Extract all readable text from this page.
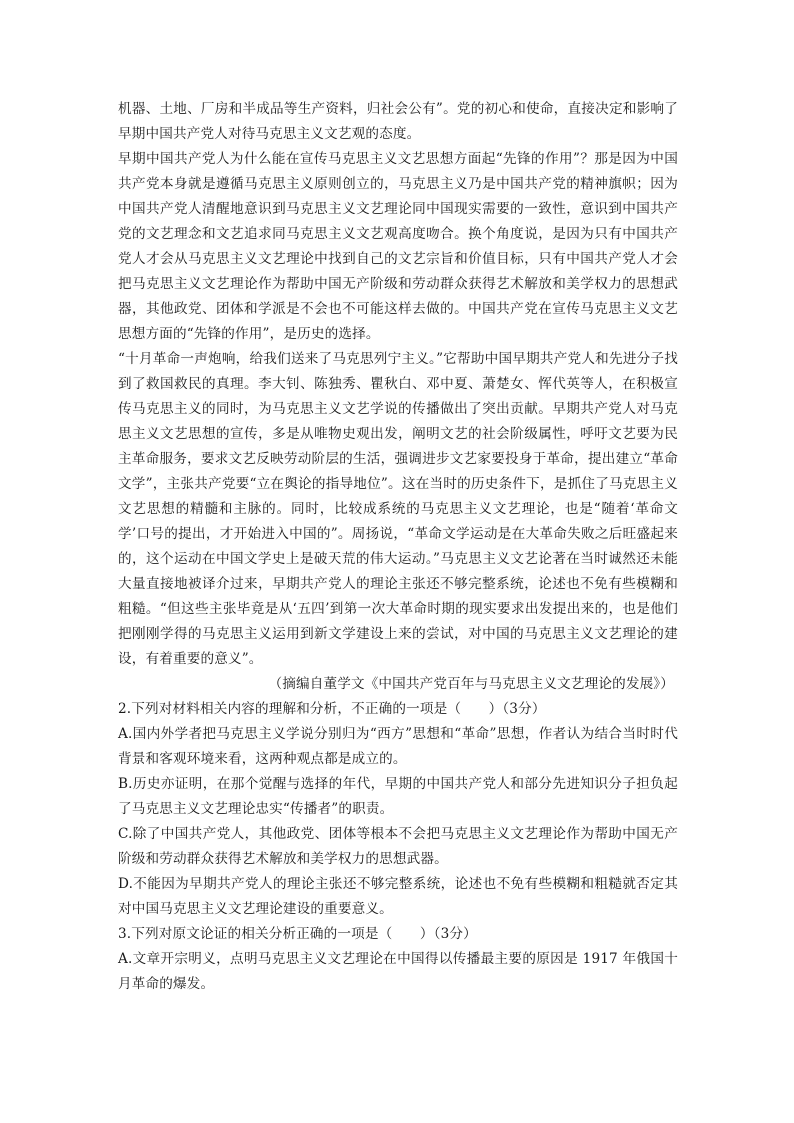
机器、土地、厂房和半成品等生产资料，归社会公有”。党的初心和使命，直接决定和影响了早期中国共产党人对待马克思主义文艺观的态度。

早期中国共产党人为什么能在宣传马克思主义文艺思想方面起“先锋的作用”？那是因为中国共产党本身就是遵循马克思主义原则创立的，马克思主义乃是中国共产党的精神旗帜；因为中国共产党人清醒地意识到马克思主义文艺理论同中国现实需要的一致性，意识到中国共产党的文艺理念和文艺追求同马克思主义文艺观高度吻合。换个角度说，是因为只有中国共产党人才会从马克思主义文艺理论中找到自己的文艺宗旨和价值目标，只有中国共产党人才会把马克思主义文艺理论作为帮助中国无产阶级和劳动群众获得艺术解放和美学权力的思想武器，其他政党、团体和学派是不会也不可能这样去做的。中国共产党在宣传马克思主义文艺思想方面的“先锋的作用”，是历史的选择。

“十月革命一声炮响，给我们送来了马克思列宁主义。”它帮助中国早期共产党人和先进分子找到了救国救民的真理。李大钊、陈独秀、瞿秋白、邓中夏、萧楚女、恽代英等人，在积极宣传马克思主义的同时，为马克思主义文艺学说的传播做出了突出贡献。早期共产党人对马克思主义文艺思想的宣传，多是从唯物史观出发，阐明文艺的社会阶级属性，呼吁文艺要为民主革命服务，要求文艺反映劳动阶层的生活，强调进步文艺家要投身于革命，提出建立“革命文学”，主张共产党要“立在舆论的指导地位”。这在当时的历史条件下，是抓住了马克思主义文艺思想的精髓和主脉的。同时，比较成系统的马克思主义文艺理论，也是“随着‘革命文学’口号的提出，才开始进入中国的”。周扬说，“革命文学运动是在大革命失败之后旺盛起来的，这个运动在中国文学史上是破天荒的伟大运动。”马克思主义文艺论著在当时诚然还未能大量直接地被译介过来，早期共产党人的理论主张还不够完整系统，论述也不免有些模糊和粗糙。“但这些主张毕竟是从‘五四’到第一次大革命时期的现实要求出发提出来的，也是他们把刚刚学得的马克思主义运用到新文学建设上来的尝试，对中国的马克思主义文艺理论的建设，有着重要的意义”。

（摘编自董学文《中国共产党百年与马克思主义文艺理论的发展》）

2.下列对材料相关内容的理解和分析，不正确的一项是（　　）（3分）

A.国内外学者把马克思主义学说分别归为“西方”思想和“革命”思想，作者认为结合当时时代背景和客观环境来看，这两种观点都是成立的。

B.历史亦证明，在那个觉醒与选择的年代，早期的中国共产党人和部分先进知识分子担负起了马克思主义文艺理论忠实“传播者”的职责。

C.除了中国共产党人，其他政党、团体等根本不会把马克思主义文艺理论作为帮助中国无产阶级和劳动群众获得艺术解放和美学权力的思想武器。

D.不能因为早期共产党人的理论主张还不够完整系统，论述也不免有些模糊和粗糙就否定其对中国马克思主义文艺理论建设的重要意义。

3.下列对原文论证的相关分析正确的一项是（　　）（3分）

A.文章开宗明义，点明马克思主义文艺理论在中国得以传播最主要的原因是 1917 年俄国十月革命的爆发。
